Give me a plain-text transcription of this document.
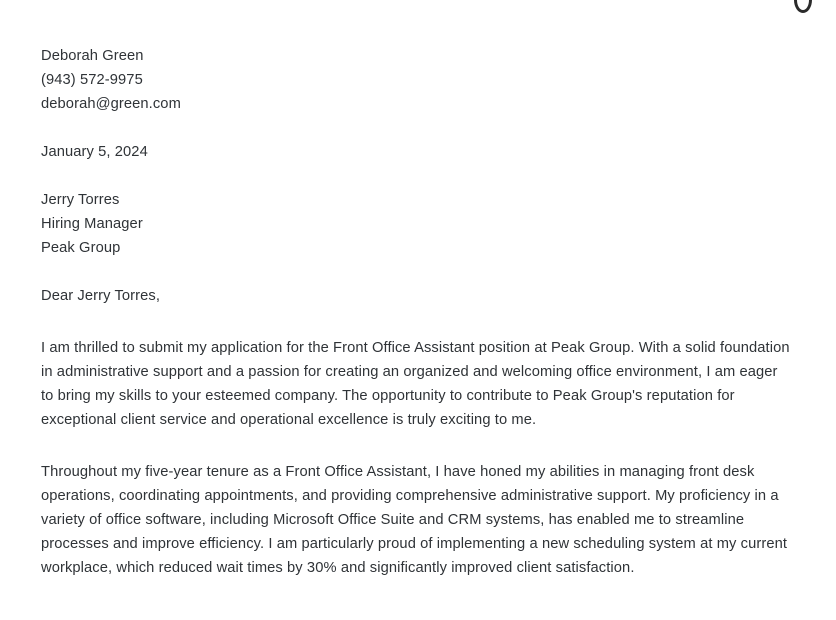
Deborah Green
(943) 572-9975
deborah@green.com
January 5, 2024
Jerry Torres
Hiring Manager
Peak Group
Dear Jerry Torres,

I am thrilled to submit my application for the Front Office Assistant position at Peak Group. With a solid foundation in administrative support and a passion for creating an organized and welcoming office environment, I am eager to bring my skills to your esteemed company. The opportunity to contribute to Peak Group's reputation for exceptional client service and operational excellence is truly exciting to me.

Throughout my five-year tenure as a Front Office Assistant, I have honed my abilities in managing front desk operations, coordinating appointments, and providing comprehensive administrative support. My proficiency in a variety of office software, including Microsoft Office Suite and CRM systems, has enabled me to streamline processes and improve efficiency. I am particularly proud of implementing a new scheduling system at my current workplace, which reduced wait times by 30% and significantly improved client satisfaction.
